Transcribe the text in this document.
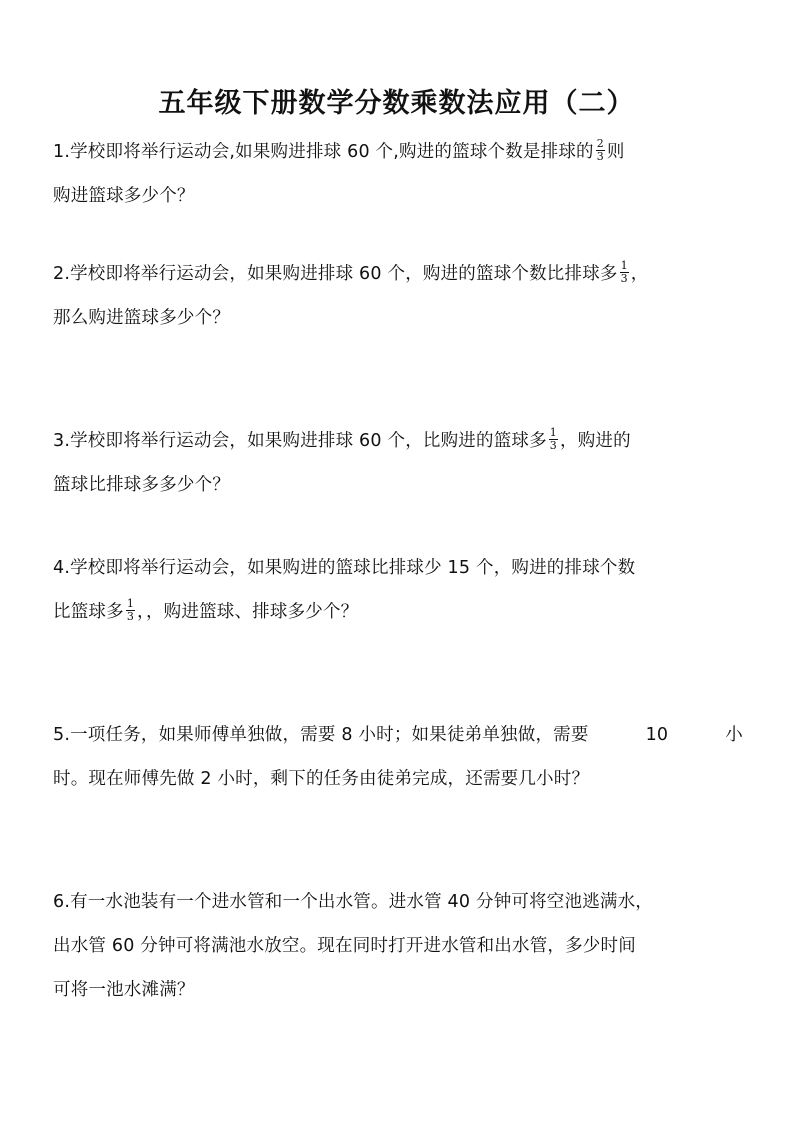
五年级下册数学分数乘数法应用（二）
1.学校即将举行运动会,如果购进排球 60 个,购进的篮球个数是排球的 $\frac{2}{3}$ 则
购进篮球多少个？
2.学校即将举行运动会，如果购进排球 60 个，购进的篮球个数比排球多 $\frac{1}{3}$ ，
那么购进篮球多少个？
3.学校即将举行运动会，如果购进排球 60 个，比购进的篮球多 $\frac{1}{3}$ ，购进的
篮球比排球多多少个？
4.学校即将举行运动会，如果购进的篮球比排球少 15 个，购进的排球个数
比篮球多 $\frac{1}{3}$ ，，购进篮球、排球多少个？
5.一项任务，如果师傅单独做，需要 8 小时；如果徒弟单独做，需要	10	小
时。现在师傅先做 2 小时，剩下的任务由徒弟完成，还需要几小时？
6.有一水池装有一个进水管和一个出水管。进水管 40 分钟可将空池逃满水，
出水管 60 分钟可将满池水放空。现在同时打开进水管和出水管，多少时间
可将一池水滩满？
